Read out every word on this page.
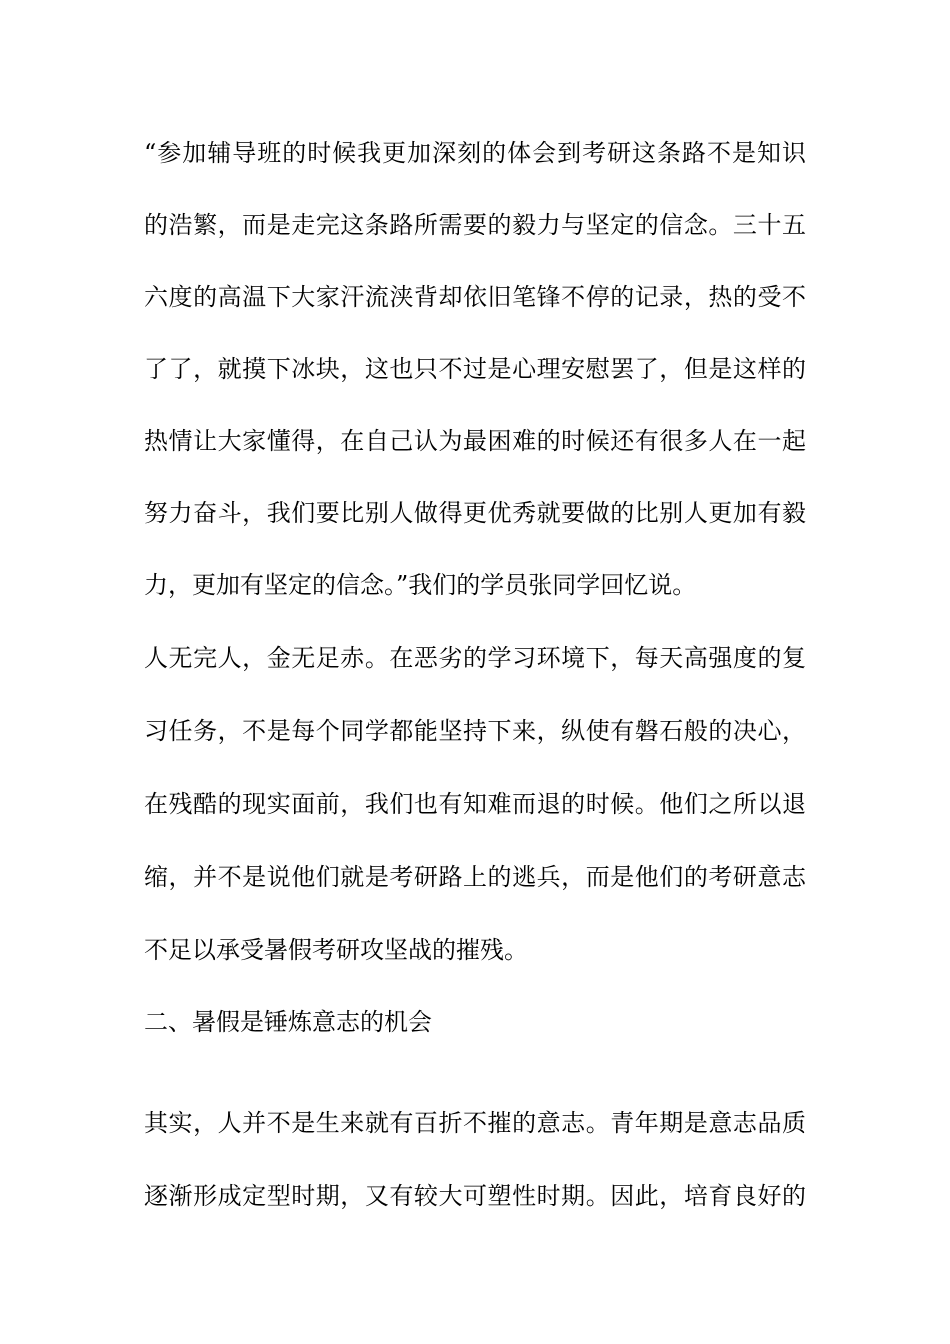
“参加辅导班的时候我更加深刻的体会到考研这条路不是知识
的浩繁，而是走完这条路所需要的毅力与坚定的信念。三十五
六度的高温下大家汗流浃背却依旧笔锋不停的记录，热的受不
了了，就摸下冰块，这也只不过是心理安慰罢了，但是这样的
热情让大家懂得，在自己认为最困难的时候还有很多人在一起
努力奋斗，我们要比别人做得更优秀就要做的比别人更加有毅
力，更加有坚定的信念。”我们的学员张同学回忆说。
人无完人，金无足赤。在恶劣的学习环境下，每天高强度的复
习任务，不是每个同学都能坚持下来，纵使有磐石般的决心，
在残酷的现实面前，我们也有知难而退的时候。他们之所以退
缩，并不是说他们就是考研路上的逃兵，而是他们的考研意志
不足以承受暑假考研攻坚战的摧残。
二、暑假是锤炼意志的机会
其实，人并不是生来就有百折不摧的意志。青年期是意志品质
逐渐形成定型时期，又有较大可塑性时期。因此，培育良好的
